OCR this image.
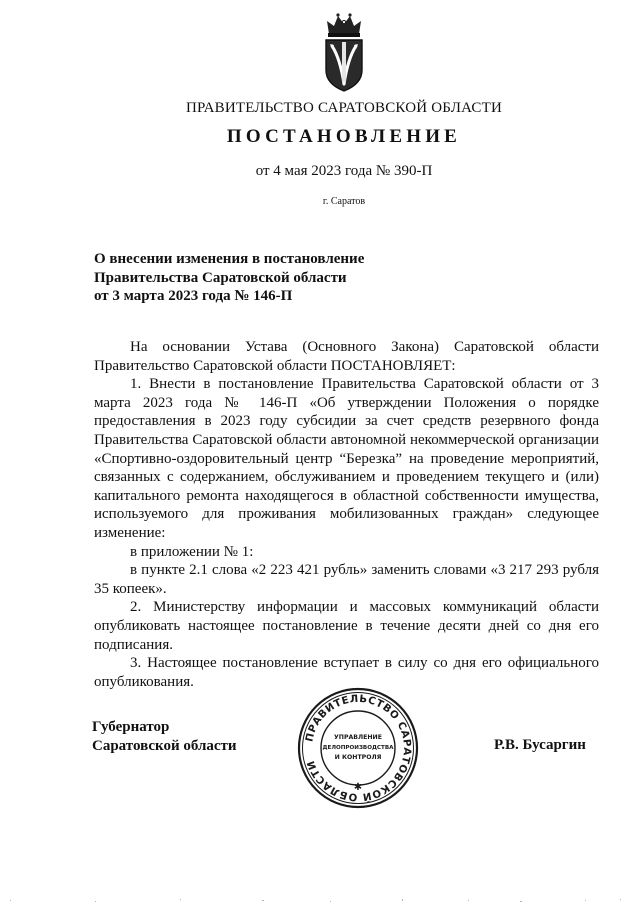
ПРАВИТЕЛЬСТВО САРАТОВСКОЙ ОБЛАСТИ
ПОСТАНОВЛЕНИЕ
от 4 мая 2023 года № 390-П
г. Саратов
О внесении изменения в постановление
Правительства Саратовской области
от 3 марта 2023 года № 146-П

На основании Устава (Основного Закона) Саратовской области Правительство Саратовской области ПОСТАНОВЛЯЕТ:

1. Внести в постановление Правительства Саратовской области от 3 марта 2023 года № 146-П «Об утверждении Положения о порядке предоставления в 2023 году субсидии за счет средств резервного фонда Правительства Саратовской области автономной некоммерческой организации «Спортивно-оздоровительный центр “Березка” на проведение мероприятий, связанных с содержанием, обслуживанием и проведением текущего и (или) капитального ремонта находящегося в областной собственности имущества, используемого для проживания мобилизованных граждан» следующее изменение:

в приложении № 1:

в пункте 2.1 слова «2 223 421 рубль» заменить словами «3 217 293 рубля 35 копеек».

2. Министерству информации и массовых коммуникаций области опубликовать настоящее постановление в течение десяти дней со дня его подписания.

3. Настоящее постановление вступает в силу со дня его официального опубликования.

Губернатор
Саратовской области
ПРАВИТЕЛЬСТВО САРАТОВСКОЙ ОБЛАСТИ
✱
УПРАВЛЕНИЕ
ДЕЛОПРОИЗВОДСТВА
И КОНТРОЛЯ
Р.В. Бусаргин
